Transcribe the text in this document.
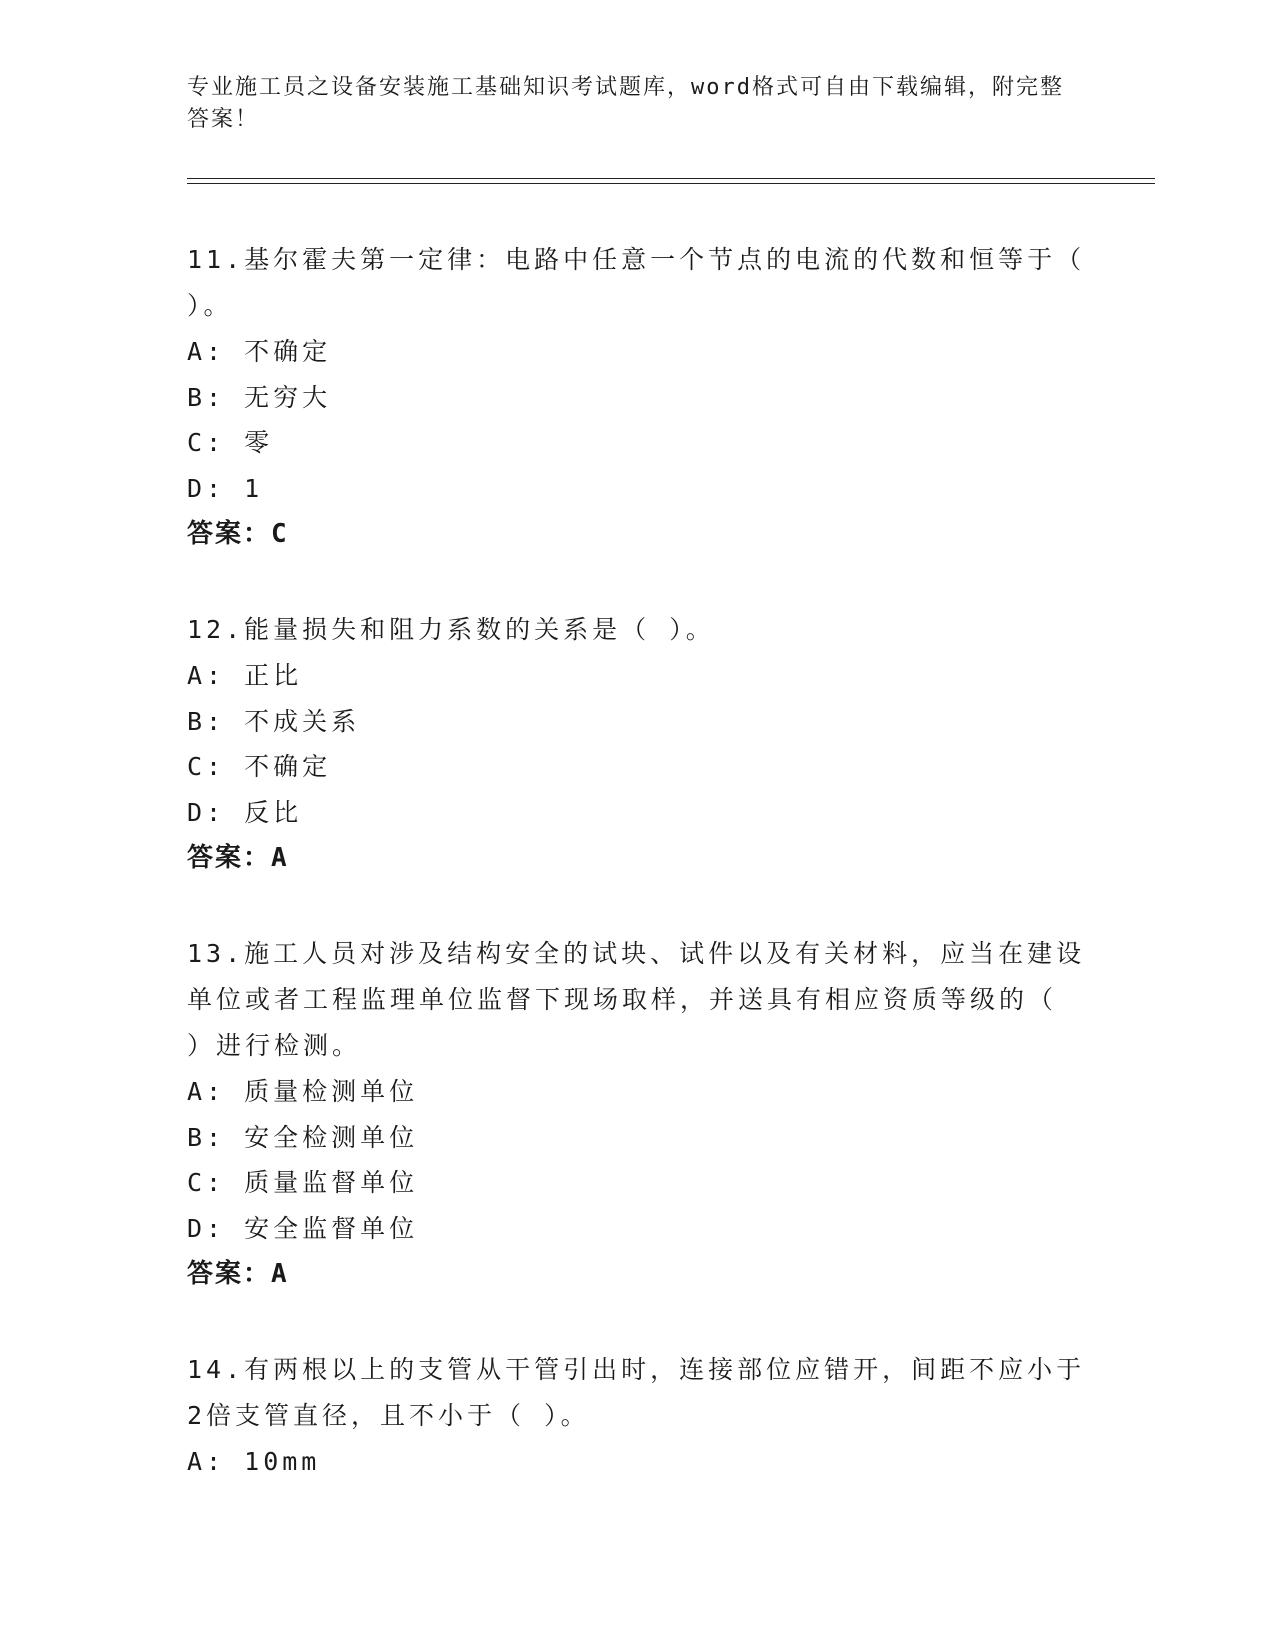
专业施工员之设备安装施工基础知识考试题库，word格式可自由下载编辑，附完整答案！

11.基尔霍夫第一定律：电路中任意一个节点的电流的代数和恒等于（ ）。

A: 不确定

B: 无穷大

C: 零

D: 1

答案：C

12.能量损失和阻力系数的关系是（ ）。

A: 正比

B: 不成关系

C: 不确定

D: 反比

答案：A

13.施工人员对涉及结构安全的试块、试件以及有关材料，应当在建设单位或者工程监理单位监督下现场取样，并送具有相应资质等级的（ ）进行检测。

A: 质量检测单位

B: 安全检测单位

C: 质量监督单位

D: 安全监督单位

答案：A

14.有两根以上的支管从干管引出时，连接部位应错开，间距不应小于2倍支管直径，且不小于（ ）。

A: 10mm
